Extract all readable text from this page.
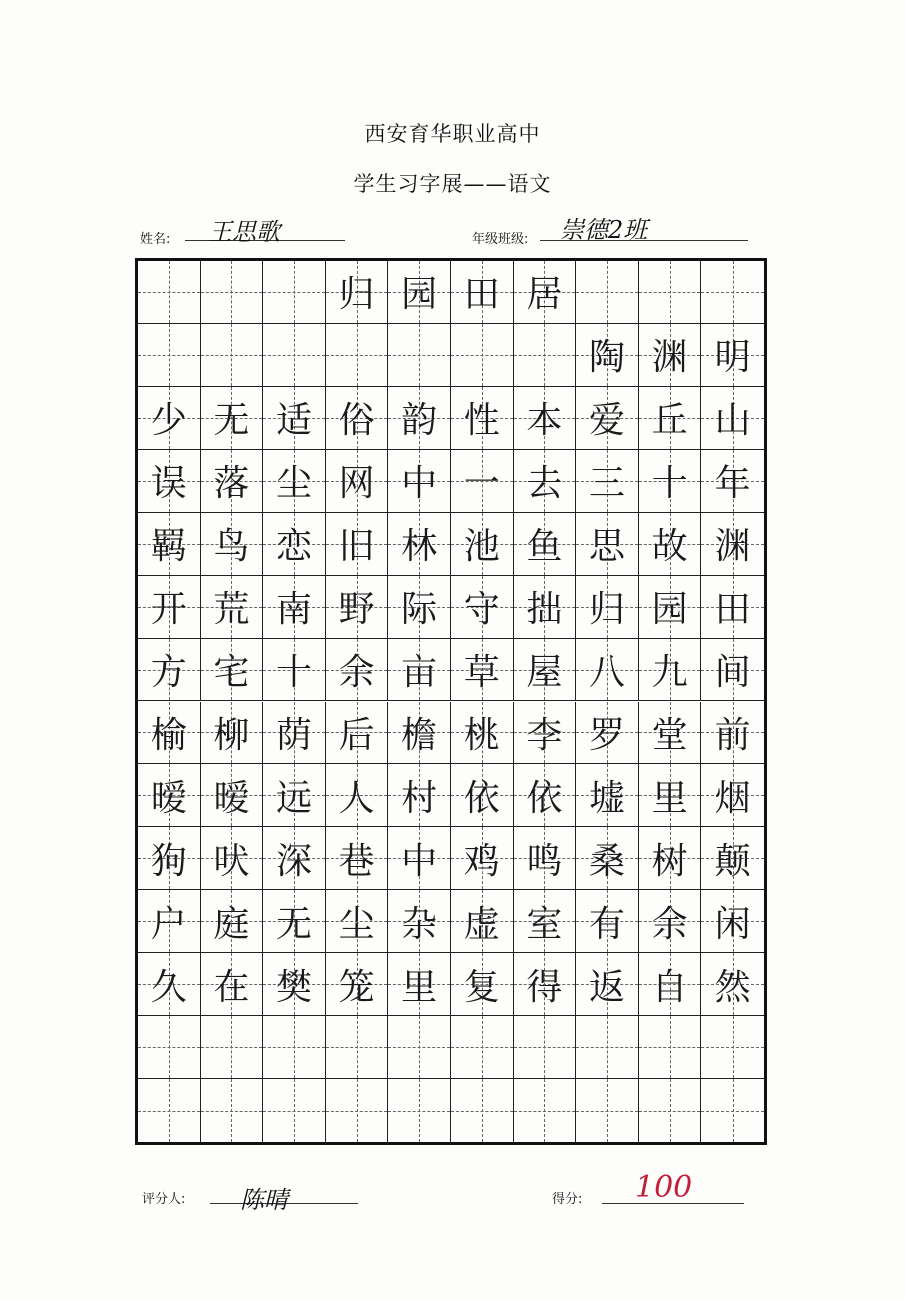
西安育华职业高中
学生习字展——语文
姓名: 王思歌	年级班级: 崇德2班
归 园 田 居
陶 渊 明
少 无 适 俗 韵 性 本 爱 丘 山
误 落 尘 网 中 一 去 三 十 年
羁 鸟 恋 旧 林 池 鱼 思 故 渊
开 荒 南 野 际 守 拙 归 园 田
方 宅 十 余 亩 草 屋 八 九 间
榆 柳 荫 后 檐 桃 李 罗 堂 前
暧 暧 远 人 村 依 依 墟 里 烟
狗 吠 深 巷 中 鸡 鸣 桑 树 颠
户 庭 无 尘 杂 虚 室 有 余 闲
久 在 樊 笼 里 复 得 返 自 然
评分人: 陈晴	得分: 100
